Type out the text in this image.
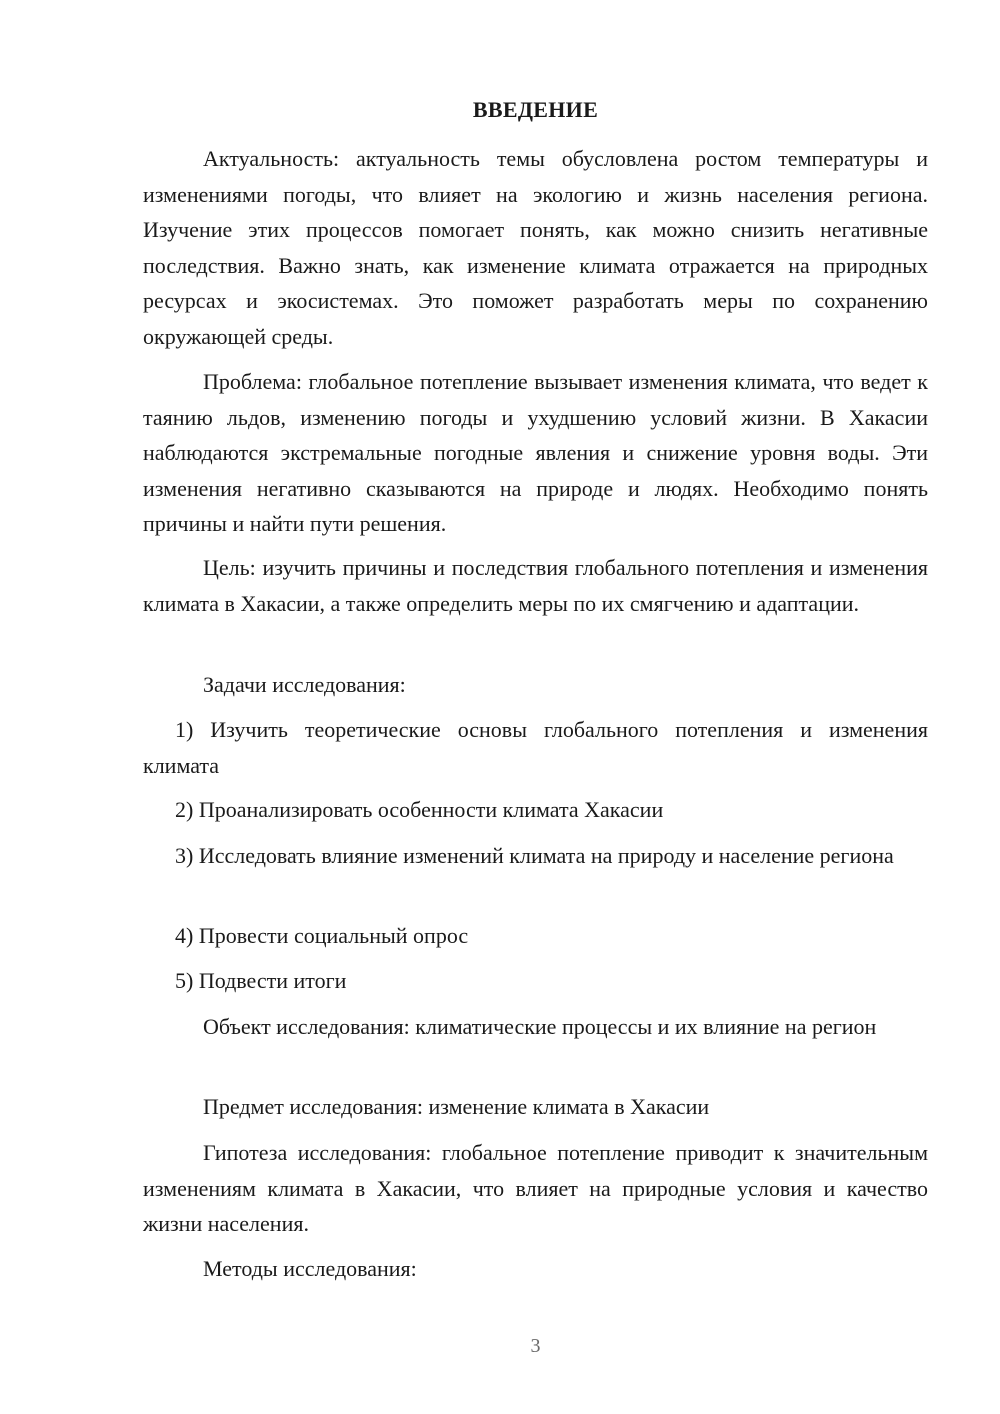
ВВЕДЕНИЕ

Актуальность: актуальность темы обусловлена ростом температуры и изменениями погоды, что влияет на экологию и жизнь населения региона. Изучение этих процессов помогает понять, как можно снизить негативные последствия. Важно знать, как изменение климата отражается на природных ресурсах и экосистемах. Это поможет разработать меры по сохранению окружающей среды.

Проблема: глобальное потепление вызывает изменения климата, что ведет к таянию льдов, изменению погоды и ухудшению условий жизни. В Хакасии наблюдаются экстремальные погодные явления и снижение уровня воды. Эти изменения негативно сказываются на природе и людях. Необходимо понять причины и найти пути решения.

Цель: изучить причины и последствия глобального потепления и изменения климата в Хакасии, а также определить меры по их смягчению и адаптации.

Задачи исследования:

1) Изучить теоретические основы глобального потепления и изменения климата

2) Проанализировать особенности климата Хакасии

3) Исследовать влияние изменений климата на природу и население региона

4) Провести социальный опрос

5) Подвести итоги

Объект исследования: климатические процессы и их влияние на регион

Предмет исследования: изменение климата в Хакасии

Гипотеза исследования: глобальное потепление приводит к значительным изменениям климата в Хакасии, что влияет на природные условия и качество жизни населения.

Методы исследования:

3
